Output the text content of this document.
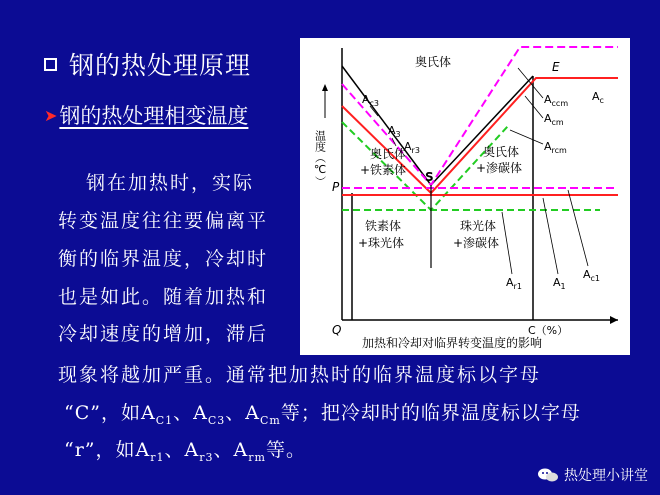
钢的热处理原理
➤ 钢的热处理相变温度
钢在加热时，实际
转变温度往往要偏离平
衡的临界温度，冷却时
也是如此。随着加热和
冷却速度的增加，滞后
现象将越加严重。通常把加热时的临界温度标以字母
“C”，如$A_{C1}$、$A_{C3}$、$A_{Cm}$等；把冷却时的临界温度标以字母
“r”，如$A_{r1}$、$A_{r3}$、$A_{rm}$等。
温度（℃）
奥氏体
奥氏体
+铁素体
奥氏体
+渗碳体
铁素体
+珠光体
珠光体
+渗碳体
E
S
P
Q
$A_{c3}$
$A_3$
$A_{r3}$
$A_{ccm}$
$A_{cm}$
$A_{rcm}$
$A_c$
$A_{r1}$	$A_1$
$A_{c1}$
C（%）
加热和冷却对临界转变温度的影响
热处理小讲堂
